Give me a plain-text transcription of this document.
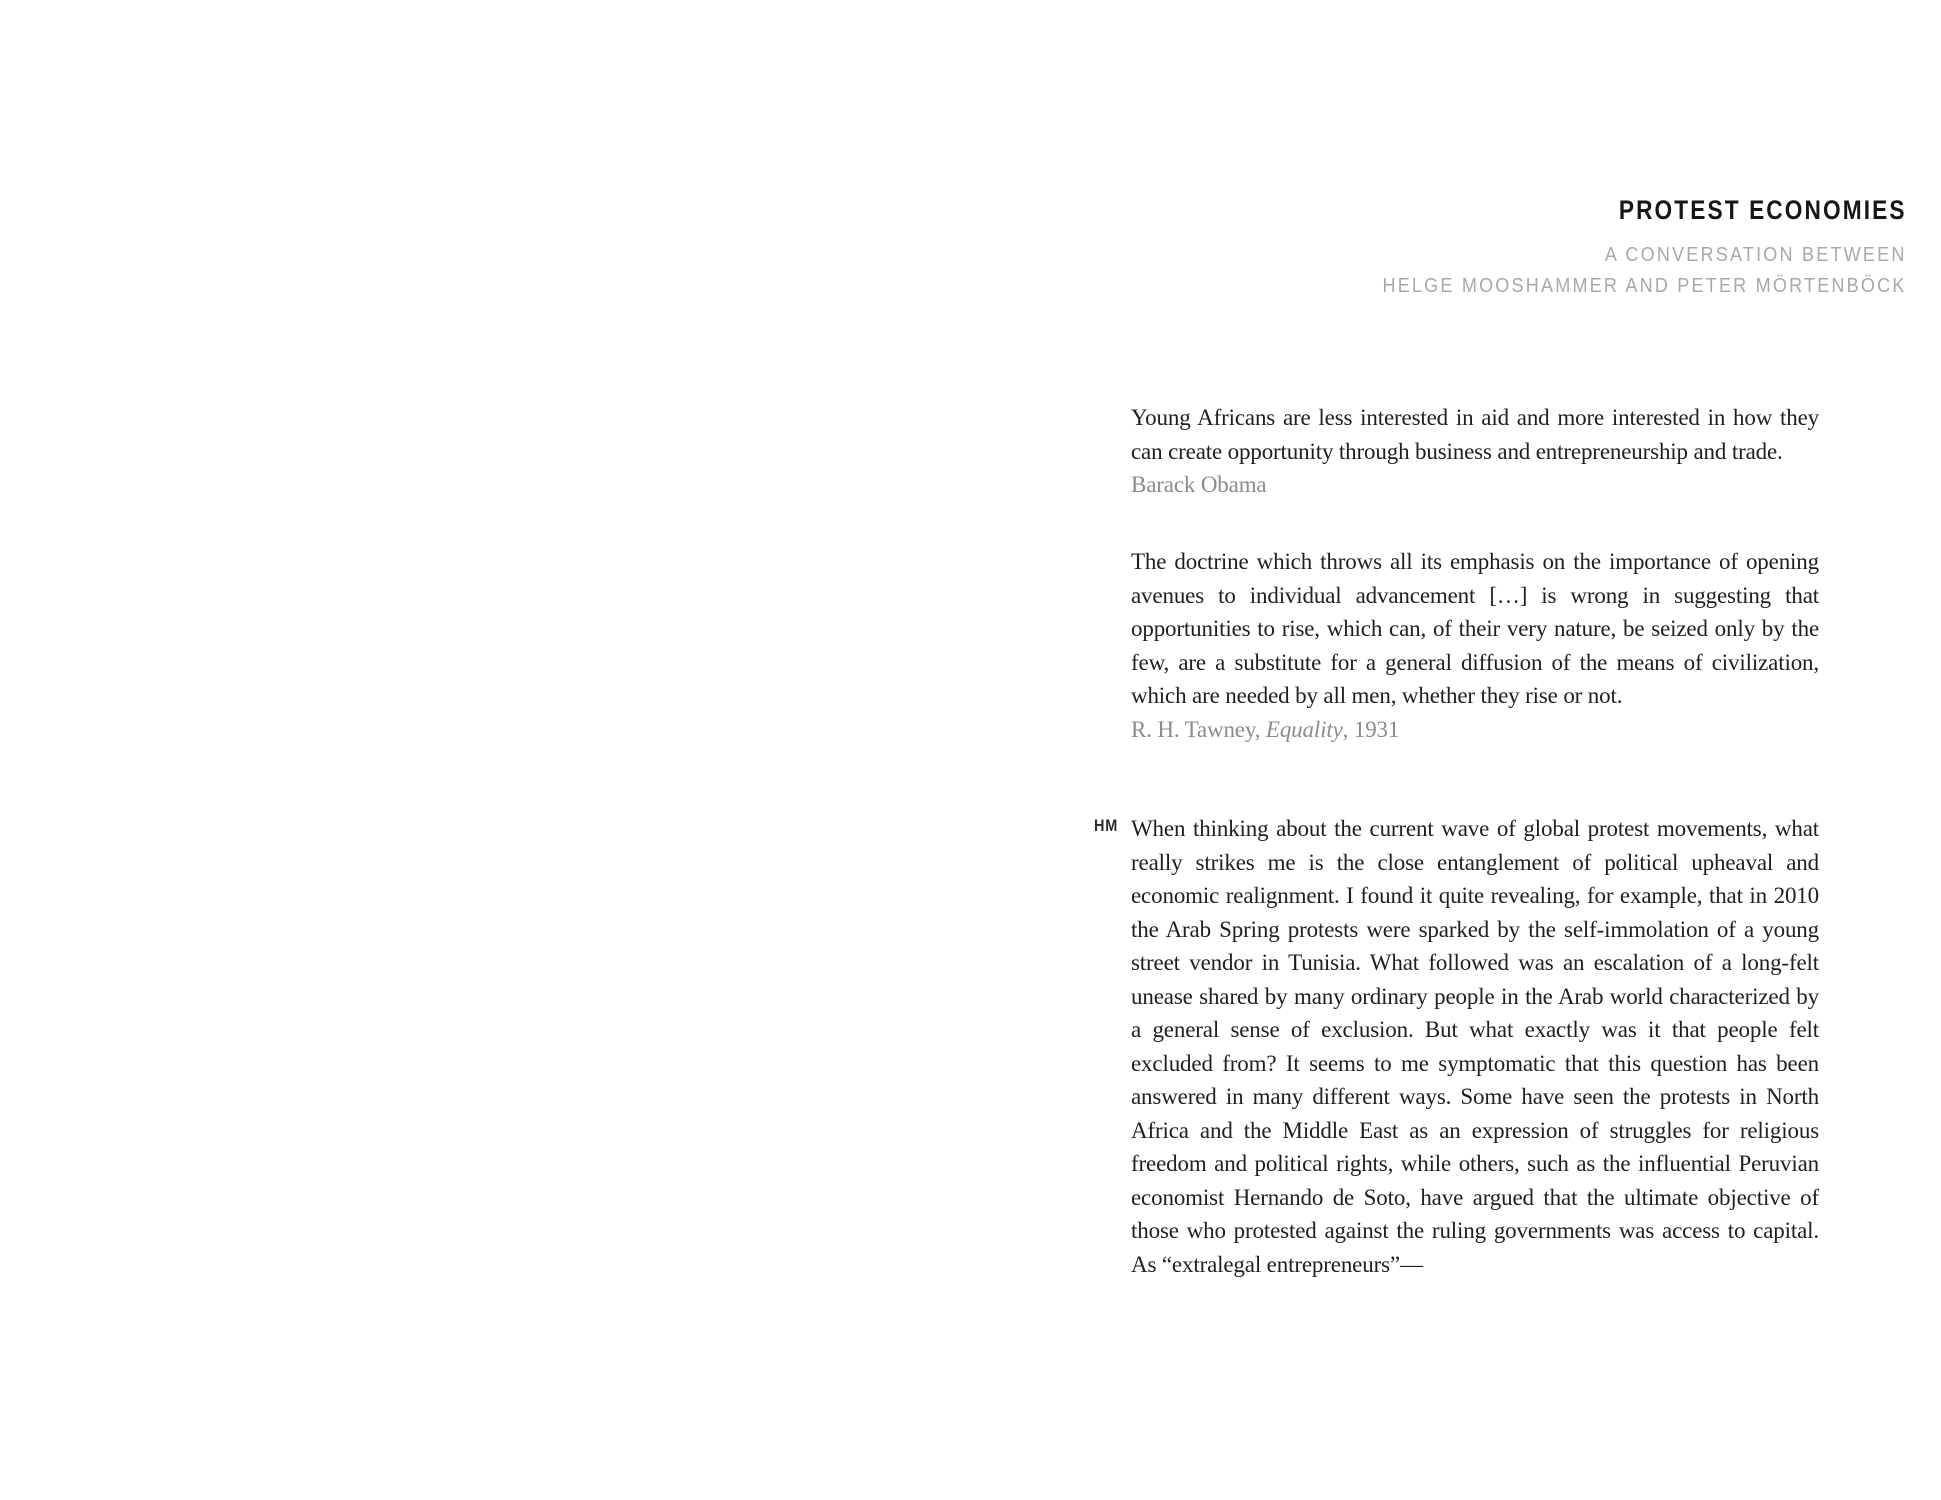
PROTEST ECONOMIES
A CONVERSATION BETWEEN
HELGE MOOSHAMMER AND PETER MÖRTENBÖCK
Young Africans are less interested in aid and more interested in how they can create opportunity through business and entrepreneurship and trade.
Barack Obama
The doctrine which throws all its emphasis on the importance of opening avenues to individual advancement […] is wrong in suggesting that opportunities to rise, which can, of their very nature, be seized only by the few, are a substitute for a general diffusion of the means of civilization, which are needed by all men, whether they rise or not.
R. H. Tawney, Equality, 1931
HM When thinking about the current wave of global protest movements, what really strikes me is the close entanglement of political upheaval and economic realignment. I found it quite revealing, for example, that in 2010 the Arab Spring protests were sparked by the self-immolation of a young street vendor in Tunisia. What followed was an escalation of a long-felt unease shared by many ordinary people in the Arab world characterized by a general sense of exclusion. But what exactly was it that people felt excluded from? It seems to me symptomatic that this question has been answered in many different ways. Some have seen the protests in North Africa and the Middle East as an expression of struggles for religious freedom and political rights, while others, such as the influential Peruvian economist Hernando de Soto, have argued that the ultimate objective of those who protested against the ruling governments was access to capital. As “extralegal entrepreneurs”—
